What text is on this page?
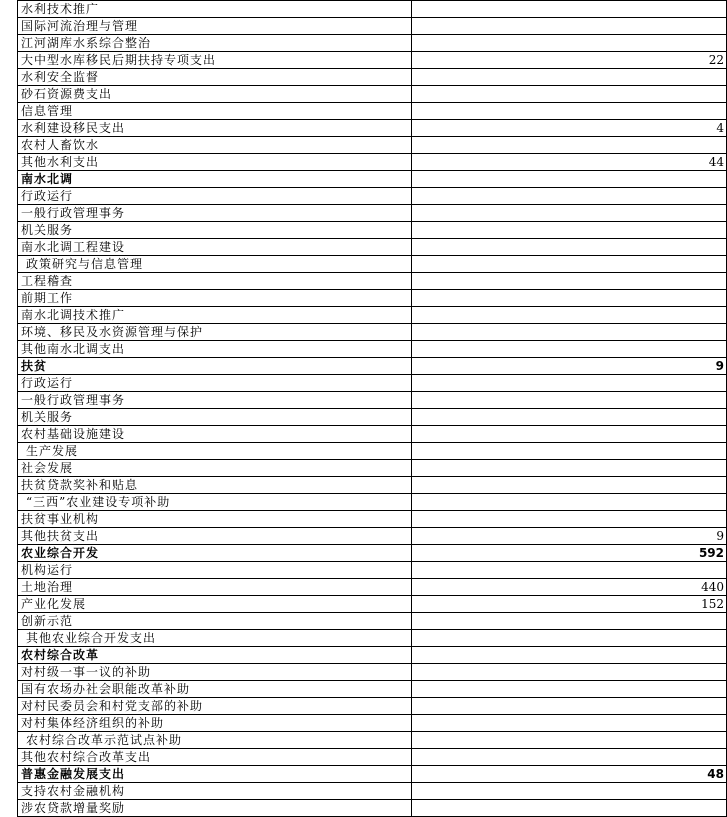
水利技术推广	
国际河流治理与管理	
江河湖库水系综合整治	
大中型水库移民后期扶持专项支出	22
水利安全监督	
砂石资源费支出	
信息管理	
水利建设移民支出	4
农村人畜饮水	
其他水利支出	44
南水北调	
行政运行	
一般行政管理事务	
机关服务	
南水北调工程建设	
政策研究与信息管理	
工程稽查	
前期工作	
南水北调技术推广	
环境、移民及水资源管理与保护	
其他南水北调支出	
扶贫	9
行政运行	
一般行政管理事务	
机关服务	
农村基础设施建设	
生产发展	
社会发展	
扶贫贷款奖补和贴息	
“三西”农业建设专项补助	
扶贫事业机构	
其他扶贫支出	9
农业综合开发	592
机构运行	
土地治理	440
产业化发展	152
创新示范	
其他农业综合开发支出	
农村综合改革	
对村级一事一议的补助	
国有农场办社会职能改革补助	
对村民委员会和村党支部的补助	
对村集体经济组织的补助	
农村综合改革示范试点补助	
其他农村综合改革支出	
普惠金融发展支出	48
支持农村金融机构	
涉农贷款增量奖励	
